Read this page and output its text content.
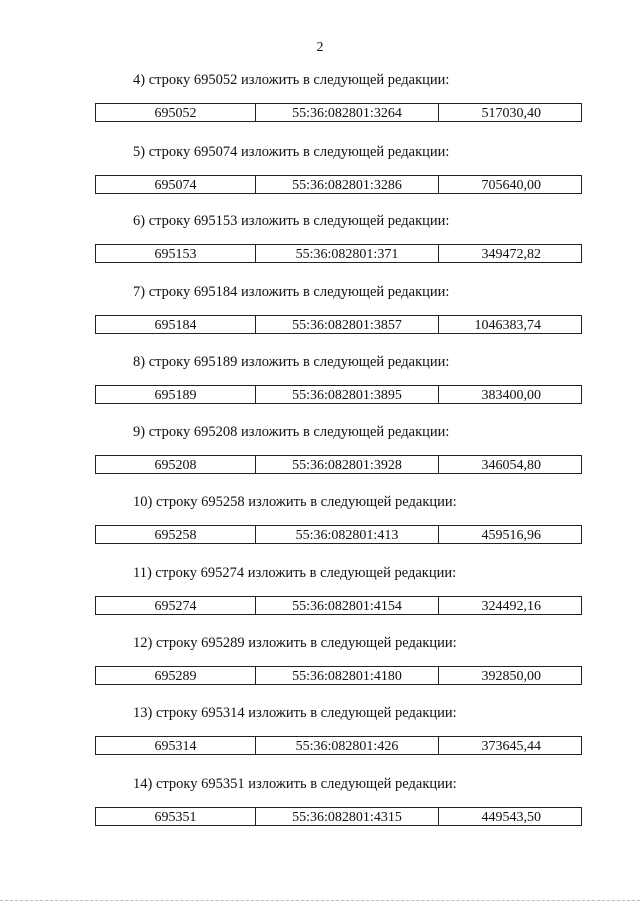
2
4) строку 695052 изложить в следующей редакции:
695052	55:36:082801:3264	517030,40
5) строку 695074 изложить в следующей редакции:
695074	55:36:082801:3286	705640,00
6) строку 695153 изложить в следующей редакции:
695153	55:36:082801:371	349472,82
7) строку 695184 изложить в следующей редакции:
695184	55:36:082801:3857	1046383,74
8) строку 695189 изложить в следующей редакции:
695189	55:36:082801:3895	383400,00
9) строку 695208 изложить в следующей редакции:
695208	55:36:082801:3928	346054,80
10) строку 695258 изложить в следующей редакции:
695258	55:36:082801:413	459516,96
11) строку 695274 изложить в следующей редакции:
695274	55:36:082801:4154	324492,16
12) строку 695289 изложить в следующей редакции:
695289	55:36:082801:4180	392850,00
13) строку 695314 изложить в следующей редакции:
695314	55:36:082801:426	373645,44
14) строку 695351 изложить в следующей редакции:
695351	55:36:082801:4315	449543,50
